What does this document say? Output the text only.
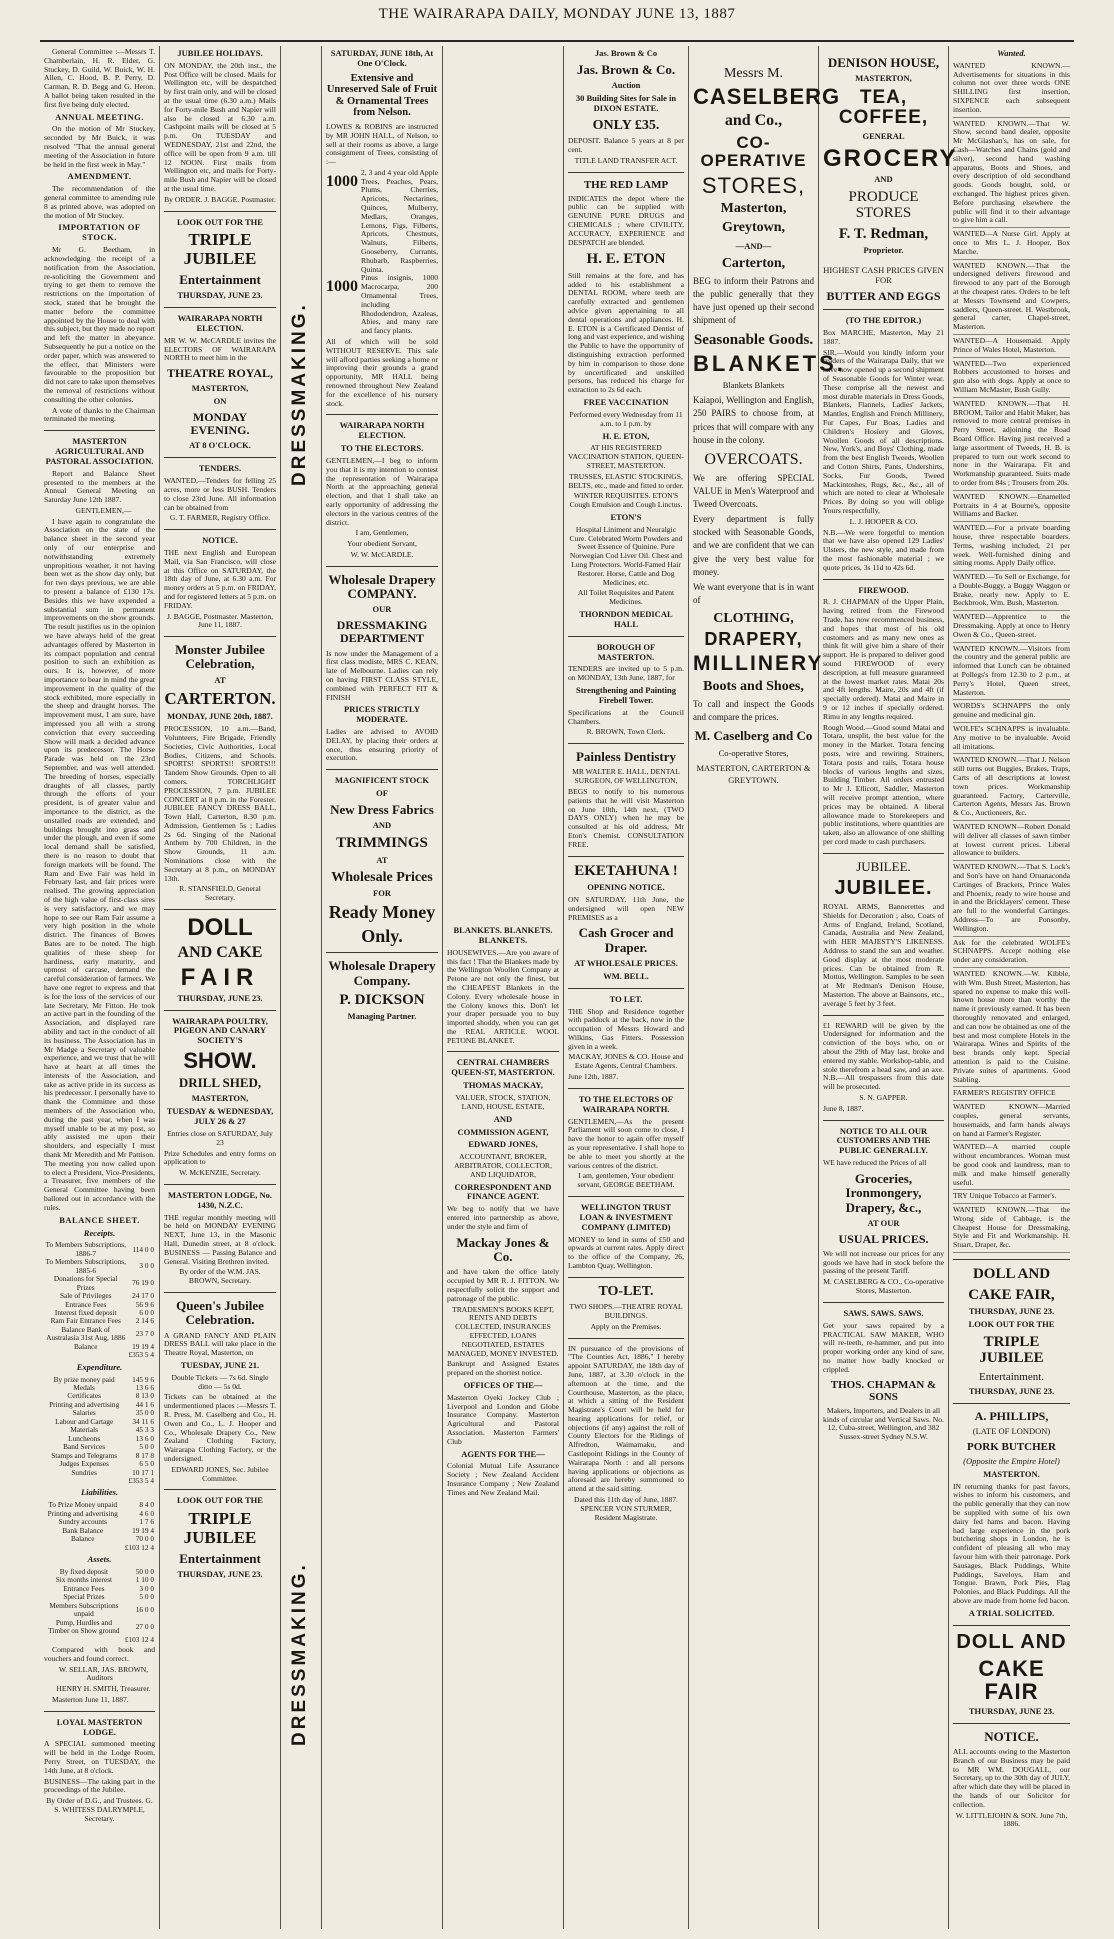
THE WAIRARAPA DAILY, MONDAY JUNE 13, 1887

General Committee :—Messrs T. Chamberlain, H. R. Elder, G. Stuckey, D. Guild, W. Buick, W. H. Allen, C. Hood, B. P. Perry, D. Carman, R. D. Begg and G. Heron. A ballot being taken resulted in the first five being duly elected.

ANNUAL MEETING.

On the motion of Mr Stuckey, seconded by Mr Buick, it was resolved "That the annual general meeting of the Association in future be held in the first week in May."

AMENDMENT.

The recommendation of the general committee to amending rule 8 as printed above, was adopted on the motion of Mr Stuckey.

IMPORTATION OF STOCK.

Mr G. Beetham, in acknowledging the receipt of a notification from the Association, re-soliciting the Government and trying to get them to remove the restrictions on the importation of stock, stated that he brought the matter before the committee appointed by the House to deal with this subject, but they made no report and left the matter in abeyance. Subsequently he put a notice on the order paper, which was answered to the effect, that Ministers were favourable to the proposition but did not care to take upon themselves the removal of restrictions without consulting the other colonies.

A vote of thanks to the Chairman terminated the meeting.

MASTERTON AGRICULTURAL AND PASTORAL ASSOCIATION.

Report and Balance Sheet presented to the members at the Annual General Meeting on Saturday June 12th 1887.

GENTLEMEN,—

I have again to congratulate the Association on the state of the balance sheet in the second year only of our enterprise and notwithstanding extremely unpropitious weather, it not having been wet as the show day only, but for two days previous, we are able to present a balance of £130 17s. Besides this we have expended a substantial sum in permanent improvements on the show grounds. The result justifies us in the opinion we have always held of the great advantages offered by Masterton in its compact population and central position to such an exhibition as ours. It is, however, of more importance to bear in mind the great improvement in the quality of the stock exhibited, more especially in the sheep and draught horses. The improvement must, I am sure, have impressed you all with a strong conviction that every succeeding Show will mark a decided advance upon its predecessor. The Horse Parade was held on the 23rd September, and was well attended. The breeding of horses, especially draughts of all classes, partly through the efforts of your president, is of greater value and importance to the district, as the unstalled roads are extended, and buildings brought into grass and under the plough, and even if some local demand shall be satisfied, there is no reason to doubt that foreign markets will be found. The Ram and Ewe Fair was held in February last, and fair prices were realised. The growing appreciation of the high value of first-class sires is very satisfactory, and we may hope to see our Ram Fair assume a very high position in the whole district. The finances of Bowes Bates are to be noted. The high qualities of these sheep for hardiness, early maturity, and upmost of carcase, demand the careful consideration of farmers. We have one regret to express and that is for the loss of the services of our late Secretary, Mr Fitton. He took an active part in the founding of the Association, and displayed rare ability and tact in the conduct of all its business. The Association has in Mr Madge a Secretary of valuable experience, and we trust that he will have at heart at all times the interests of the Association, and take as active pride in its success as his predecessor. I personally have to thank the Committee and those members of the Association who, during the past year, when I was myself unable to be at my post, so ably assisted me upon their shoulders, and especially I must thank Mr Meredith and Mr Pattison. The meeting you now called upon to elect a President, Vice-Presidents, a Treasurer, five members of the General Committee having been balloted out in accordance with the rules.

BALANCE SHEET.
Receipts.
To Members Subscriptions, 1886-7	114 0 0
To Members Subscriptions, 1885-6	3 0 0
Donations for Special Prizes	76 19 0
Sale of Privileges	24 17 0
Entrance Fees	56 9 6
Interest fixed deposit	6 0 0
Ram Fair Entrance Fees	2 14 6
Balance Bank of Australasia 31st Aug, 1886	23 7 0
Balance	19 19 4
	£353 5 4
Expenditure.
By prize money paid	145 9 6
Medals	13 6 6
Certificates	8 13 0
Printing and advertising	44 1 6
Salaries	35 0 0
Labour and Cartage	34 11 6
Materials	45 3 3
Luncheons	13 6 0
Band Services	5 0 0
Stamps and Telegrams	8 17 8
Judges Expenses	6 5 0
Sundries	10 17 1
	£353 5 4
Liabilities.
To Prize Money unpaid	8 4 0
Printing and advertising	4 6 0
Sundry accounts	1 7 6
Bank Balance	19 19 4
Balance	70 0 0
	£103 12 4
Assets.
By fixed deposit	50 0 0
Six months interest	1 10 0
Entrance Fees	3 0 0
Special Prizes	5 0 0
Members Subscriptions unpaid	16 0 0
Pump, Hurdles and Timber on Show ground	27 0 0
	£103 12 4

Compared with book and vouchers and found correct.

W. SELLAR, JAS. BROWN, Auditors

HENRY H. SMITH, Treasurer.

Masterton June 11, 1887.

LOYAL MASTERTON LODGE.

A SPECIAL summoned meeting will be held in the Lodge Room, Perry Street, on TUESDAY, the 14th June, at 8 o'clock.

BUSINESS—The taking part in the proceedings of the Jubilee.

By Order of D.G., and Trustees. G. S. WHITESS DALRYMPLE, Secretary.

JUBILEE HOLIDAYS.

ON MONDAY, the 20th inst., the Post Office will be closed. Mails for Wellington etc, will be despatched by first train only, and will be closed at the usual time (6.30 a.m.) Mails for Forty-mile Bush and Napier will also be closed at 6.30 a.m. Cashpoint mails will be closed at 5 p.m. On TUESDAY and WEDNESDAY, 21st and 22nd, the office will be open from 9 a.m. till 12 NOON. First mails from Wellington etc, and mails for Forty-mile Bush and Napier will be closed at the usual time.

By ORDER. J. BAGGE. Postmaster.

LOOK OUT FOR THE
TRIPLE JUBILEE
Entertainment
THURSDAY, JUNE 23.
WAIRARAPA NORTH ELECTION.

MR W. W. McCARDLE invites the ELECTORS OF WAIRARAPA NORTH to meet him in the

THEATRE ROYAL,
MASTERTON,
ON
MONDAY EVENING.
AT 8 O'CLOCK.
TENDERS.

WANTED,—Tenders for felling 25 acres, more or less BUSH. Tenders to close 23rd June. All information can be obtained from

G. T. FARMER, Registry Office.

NOTICE.

THE next English and European Mail, via San Francisco, will close at this Office on SATURDAY, the 18th day of June, at 6.30 a.m. For money orders at 5 p.m. on FRIDAY, and for registered letters at 5 p.m. on FRIDAY.

J. BAGGE, Postmaster. Masterton, June 11, 1887.

Monster Jubilee Celebration,
AT
CARTERTON.
MONDAY, JUNE 20th, 1887.

PROCESSION, 10 a.m.—Band, Volunteers, Fire Brigade, Friendly Societies, Civic Authorities, Local Bodies, Citizens, and Schools. SPORTS! SPORTS!! SPORTS!!! Tandem Show Grounds. Open to all comers. TORCHLIGHT PROCESSION, 7 p.m. JUBILEE CONCERT at 8 p.m. in the Forester. JUBILEE FANCY DRESS BALL, Town Hall, Carterton, 8.30 p.m. Admission, Gentlemen 5s ; Ladies 2s 6d. Singing of the National Anthem by 700 Children, in the Show Grounds, 11 a.m. Nominations close with the Secretary at 8 p.m., on MONDAY 13th.

R. STANSFIELD, General Secretary.

DOLL
AND CAKE
FAIR
THURSDAY, JUNE 23.
WAIRARAPA POULTRY, PIGEON AND CANARY SOCIETY'S
SHOW.
DRILL SHED,
MASTERTON,
TUESDAY & WEDNESDAY, JULY 26 & 27

Entries close on SATURDAY, July 23

Prize Schedules and entry forms on application to

W. McKENZIE, Secretary.

MASTERTON LODGE, No. 1430, N.Z.C.

THE regular monthly meeting will be held on MONDAY EVENING NEXT, June 13, in the Masonic Hall, Dunedin street, at 8 o'clock. BUSINESS — Passing Balance and General. Visiting Brethren invited.

By order of the W.M. JAS. BROWN, Secretary.

Queen's Jubilee Celebration.

A GRAND FANCY AND PLAIN DRESS BALL will take place in the Theatre Royal, Masterton, on

TUESDAY, JUNE 21.

Double Tickets — 7s 6d. Single ditto — 5s 0d.

Tickets can be obtained at the undermentioned places :—Messrs T. R. Press, M. Caselberg and Co., H. Owen and Co., L. J. Hooper and Co., Wholesale Drapery Co., New Zealand Clothing Factory, Wairarapa Clothing Factory, or the undersigned.

EDWARD JONES, Sec. Jubilee Committee.

LOOK OUT FOR THE
TRIPLE JUBILEE
Entertainment
THURSDAY, JUNE 23.
DRESSMAKING.
DRESSMAKING.
SATURDAY, JUNE 18th, At One O'Clock.
Extensive and Unreserved Sale of Fruit & Ornamental Trees from Nelson.

LOWES & ROBINS are instructed by MR JOHN HALL, of Nelson, to sell at their rooms as above, a large consignment of Trees, consisting of :—

1000

2, 3 and 4 year old Apple Trees, Peaches, Pears, Plums, Cherries, Apricots, Nectarines, Quinces, Mulberry, Medlars, Oranges, Lemons, Figs, Filberts, Apricots, Chestnuts, Walnuts, Filberts, Gooseberry, Currants, Rhubarb, Raspberries, Quinta.

1000

Pinus insignis, 1000 Macrocarpa, 200 Ornamental Trees, including Rhododendron, Azaleas, Abies, and many rare and fancy plants.

All of which will be sold WITHOUT RESERVE. This sale will afford parties seeking a home or improving their grounds a grand opportunity, MR HALL being renowned throughout New Zealand for the excellence of his nursery stock.

WAIRARAPA NORTH ELECTION.
TO THE ELECTORS.

GENTLEMEN,—I beg to inform you that it is my intention to contest the representation of Wairarapa North at the approaching general election, and that I shall take an early opportunity of addressing the electors in the various centres of the district.

I am, Gentlemen,

Your obedient Servant,

W. W. McCARDLE.

Wholesale Drapery COMPANY.
OUR
DRESSMAKING DEPARTMENT

Is now under the Management of a first class modiste, MRS C. KEAN, late of Melbourne. Ladies can rely on having FIRST CLASS STYLE, combined with PERFECT FIT & FINISH

PRICES STRICTLY MODERATE.

Ladies are advised to AVOID DELAY, by placing their orders at once, thus ensuring priority of execution.

MAGNIFICENT STOCK
OF
New Dress Fabrics
AND
TRIMMINGS
AT
Wholesale Prices
FOR
Ready Money
Only.
Wholesale Drapery Company.
P. DICKSON
Managing Partner.
BLANKETS. BLANKETS. BLANKETS.

HOUSEWIVES.—Are you aware of this fact ! That the Blankets made by the Wellington Woollen Company at Petone are not only the finest, but the CHEAPEST Blankets in the Colony. Every wholesale house in the Colony knows this. Don't let your draper persuade you to buy imported shoddy, when you can get the REAL ARTICLE. WOOL PETONE BLANKET.

CENTRAL CHAMBERS QUEEN-ST, MASTERTON.
THOMAS MACKAY,

VALUER, STOCK, STATION, LAND, HOUSE, ESTATE,

AND
COMMISSION AGENT,
EDWARD JONES,

ACCOUNTANT, BROKER, ARBITRATOR, COLLECTOR, AND LIQUIDATOR,

CORRESPONDENT AND FINANCE AGENT.

We beg to notify that we have entered into partnership as above, under the style and firm of

Mackay Jones & Co.

and have taken the office lately occupied by MR R. J. FITTON. We respectfully solicit the support and patronage of the public.

TRADESMEN'S BOOKS KEPT, RENTS AND DEBTS COLLECTED, INSURANCES EFFECTED, LOANS NEGOTIATED, ESTATES MANAGED, MONEY INVESTED.

Bankrupt and Assigned Estates prepared on the shortest notice.

OFFICES OF THE—

Masterton Oyeki Jockey Club ; Liverpool and London and Globe Insurance Company. Masterton Agricultural and Pastoral Association. Masterton Farmers' Club

AGENTS FOR THE—

Colonial Mutual Life Assurance Society ; New Zealand Accident Insurance Company ; New Zealand Times and New Zealand Mail.

Jas. Brown & Co
Jas. Brown & Co.
Auction
30 Building Sites for Sale in DIXON ESTATE.
ONLY £35.

DEPOSIT. Balance 5 years at 8 per cent.

TITLE LAND TRANSFER ACT.

THE RED LAMP

INDICATES the depot where the public can be supplied with GENUINE PURE DRUGS and CHEMICALS ; where CIVILITY, ACCURACY, EXPERIENCE and DESPATCH are blended.

H. E. ETON

Still remains at the fore, and has added to his establishment a DENTAL ROOM, where teeth are carefully extracted and gentlemen advice given appertaining to all dental operations and appliances. H. E. ETON is a Certificated Dentist of long and vast experience, and wishing the Public to have the opportunity of distinguishing extraction performed by him in comparison to those done by uncertificated and unskilled persons, has reduced his charge for extraction to 2s 6d each.

FREE VACCINATION

Performed every Wednesday from 11 a.m. to 1 p.m. by

H. E. ETON,

AT HIS REGISTERED VACCINATION STATION, QUEEN-STREET, MASTERTON.

TRUSSES, ELASTIC STOCKINGS, BELTS, etc., made and fitted to order.

WINTER REQUISITES. ETON'S Cough Emulsion and Cough Linctus.

ETON'S

Hospital Liniment and Neuralgic Cure. Celebrated Worm Powders and Sweet Essence of Quinine. Pure Norwegian Cod Liver Oil. Chest and Lung Protectors. World-Famed Hair Restorer. Horse, Cattle and Dog Medicines, etc.

All Toilet Requisites and Patent Medicines.

THORNDON MEDICAL HALL
BOROUGH OF MASTERTON.

TENDERS are invited up to 5 p.m. on MONDAY, 13th June, 1887, for

Strengthening and Painting Firebell Tower.

Specifications at the Council Chambers.

R. BROWN, Town Clerk.

Painless Dentistry

MR WALTER E. HALL, DENTAL SURGEON, OF WELLINGTON,

BEGS to notify to his numerous patients that he will visit Masterton on June 10th, 14th next, (TWO DAYS ONLY) when he may be consulted at his old address, Mr Eton's Chemist. CONSULTATION FREE.

EKETAHUNA !
OPENING NOTICE.

ON SATURDAY, 11th June, the undersigned will open NEW PREMISES as a

Cash Grocer and Draper.
AT WHOLESALE PRICES.
WM. BELL.
TO LET.

THE Shop and Residence together with paddock at the back, now in the occupation of Messrs Howard and Wilkins, Gas Fitters. Possession given in a week.

MACKAY, JONES & CO. House and Estate Agents, Central Chambers.

June 12th, 1887.

TO THE ELECTORS OF WAIRARAPA NORTH.

GENTLEMEN,—As the present Parliament will soon come to close, I have the honor to again offer myself as your representative. I shall hope to be able to meet you shortly at the various centres of the district.

I am, gentlemen, Your obedient servant, GEORGE BEETHAM.

WELLINGTON TRUST LOAN & INVESTMENT COMPANY (LIMITED)

MONEY to lend in sums of £50 and upwards at current rates. Apply direct to the office of the Company, 26, Lambton Quay, Wellington.

TO-LET.

TWO SHOPS.—THEATRE ROYAL BUILDINGS.

Apply on the Premises.

IN pursuance of the provisions of "The Counties Act, 1886," I hereby appoint SATURDAY, the 18th day of June, 1887, at 3.30 o'clock in the afternoon at the time, and the Courthouse, Masterton, as the place, at which a sitting of the Resident Magistrate's Court will be held for hearing applications for relief, or objections (if any) against the roll of County Electors for the Ridings of Alfredton, Waimamaku, and Castlepoint Ridings in the County of Wairarapa North : and all persons having applications or objections as aforesaid are hereby summoned to attend at the said sitting.

Dated this 11th day of June, 1887. SPENCER VON STURMER, Resident Magistrate.

Messrs M.
CASELBERG
and Co.,
CO-OPERATIVE
STORES,
Masterton,
Greytown,
—AND—
Carterton,

BEG to inform their Patrons and the public generally that they have just opened up their second shipment of

Seasonable Goods.
BLANKETS.
Blankets Blankets

Kaiapoi, Wellington and English, 250 PAIRS to choose from, at prices that will compare with any house in the colony.

OVERCOATS.

We are offering SPECIAL VALUE in Men's Waterproof and Tweed Overcoats.

Every department is fully stocked with Seasonable Goods, and we are confident that we can give the very best value for money.

We want everyone that is in want of

CLOTHING,
DRAPERY,
MILLINERY
Boots and Shoes,

To call and inspect the Goods and compare the prices.

M. Caselberg and Co
Co-operative Stores,
MASTERTON, CARTERTON & GREYTOWN.
DENISON HOUSE,
MASTERTON,
TEA, COFFEE,
GENERAL
GROCERY
AND
PRODUCE STORES
F. T. Redman,
Proprietor.
HIGHEST CASH PRICES GIVEN FOR
BUTTER AND EGGS
(TO THE EDITOR.)

Box MARCHE, Masterton, May 21 1887.

SIR,—Would you kindly inform your readers of the Wairarapa Daily, that we have now opened up a second shipment of Seasonable Goods for Winter wear. These comprise all the newest and most durable materials in Dress Goods, Blankets, Flannels, Ladies' Jackets, Mantles, English and French Millinery, Fur Capes, Fur Boas, Ladies and Children's Hosiery and Gloves, Woollen Goods of all descriptions. New, York's, and Boys' Clothing, made from the best English Tweeds, Woollen and Cotton Shirts, Pants, Undershirts, Socks, Fur Goods, Tweed Mackintoshes, Rugs, &c., &c., all of which are noted to clear at Wholesale Prices. By doing so you will oblige Yours respectfully,

L. J. HOOPER & CO.

N.B.—We were forgetful to mention that we have also opened 129 Ladies' Ulsters, the new style, and made from the most fashionable material ; we quote prices, 3s 11d to 42s 6d.

FIREWOOD.

R. J. CHAPMAN of the Upper Plain, having retired from the Firewood Trade, has now recommenced business, and hopes that most of his old customers and as many new ones as think fit will give him a share of their support. He is prepared to deliver good sound FIREWOOD of every description, at full measure guaranteed at the lowest market rates. Matai 20s and 4ft lengths. Maire, 20s and 4ft (if specially ordered). Matai and Maire in 9 or 12 inches if specially ordered. Rimu in any lengths required.

Rough Wood.—Good sound Matai and Totara, unsplit, the best value for the money in the Market. Totara fencing posts, wire and rewiring. Strainers, Totara posts and rails, Totara house blocks of various lengths and sizes, Building Timber. All orders entrusted to Mr J. Ellicott, Saddler, Masterton will receive prompt attention, where prices may be obtained. A liberal allowance made to Storekeepers and public institutions, where quantities are taken, also an allowance of one shilling per cord made to cash purchasers.

JUBILEE.
JUBILEE.

ROYAL ARMS, Bannerettes and Shields for Decoration ; also, Coats of Arms of England, Ireland, Scotland, Canada, Australia and New Zealand, with HER MAJESTY'S LIKENESS. Address to stand the sun and weather. Good display at the most moderate prices. Can be obtained from R. Mottus, Wellington. Samples to be seen at Mr Redman's Denison House, Masterton. The above at Bainsons, etc., average 5 feet by 3 feet.

£1 REWARD will be given by the Undersigned for information and the conviction of the boys who, on or about the 29th of May last, broke and entered my stable. Workshop-table, and stole therefrom a head saw, and an axe. N.B.—All trespassers from this date will be prosecuted.

S. N. GAPPER.

June 8, 1887.

NOTICE TO ALL OUR CUSTOMERS AND THE PUBLIC GENERALLY.

WE have reduced the Prices of all

Groceries, Ironmongery, Drapery, &c.,
AT OUR
USUAL PRICES.

We will not increase our prices for any goods we have had in stock before the passing of the present Tariff.

M. CASELBERG & CO., Co-operative Stores, Masterton.

SAWS. SAWS. SAWS.

Get your saws repaired by a PRACTICAL SAW MAKER, WHO will re-teeth, re-hammer, and put into proper working order any kind of saw, no matter how badly knocked or crippled.

THOS. CHAPMAN & SONS

Makers, Importers, and Dealers in all kinds of circular and Vertical Saws. No. 12, Cuba-street, Wellington, and 382 Sussex-street Sydney N.S.W.

Wanted.

WANTED KNOWN.—Advertisements for situations in this column not over three words ONE SHILLING first insertion, SIXPENCE each subsequent insertion.

WANTED KNOWN.—That W. Show, second hand dealer, opposite Mr McGlashan's, has on sale, for Cash—Watches and Chains (gold and silver), second hand washing apparatus, Boots and Shoes, and every description of old secondhand goods. Goods bought, sold, or exchanged. The highest prices given. Before purchasing elsewhere the public will find it to their advantage to give him a call.

WANTED—A Nurse Girl. Apply at once to Mrs L. J. Hooper, Box Marche.

WANTED KNOWN.—That the undersigned delivers firewood and firewood to any part of the Borough at the cheapest rates. Orders to be left at Messrs Townsend and Cowpers, saddlers, Queen-street. H. Westbrook, general carter, Chapel-street, Masterton.

WANTED—A Housemaid. Apply Prince of Wales Hotel, Masterton.

WANTED—Two experienced Robbers accustomed to horses and gun also with dogs. Apply at once to William McMaster, Bush Gully.

WANTED KNOWN.—That H. BROOM, Tailor and Habit Maker, has removed to more central premises in Perry Street, adjoining the Road Board Office. Having just received a large assortment of Tweeds, H. B. is prepared to turn out work second to none in the Wairarapa. Fit and Workmanship guaranteed. Suits made to order from 84s ; Trousers from 20s.

WANTED KNOWN.—Enamelled Portraits in 4 at Bourne's, opposite Williams and Backer.

WANTED.—For a private boarding house, three respectable boarders. Terms, washing included, 21 per week. Well-furnished dining and sitting rooms. Apply Daily office.

WANTED.—To Sell or Exchange, for a Double-Buggy, a Buggy Waggon or Brake, nearly new. Apply to E. Beckbrook, Wm. Bush, Masterton.

WANTED—Apprentice to the Dressmaking. Apply at once to Henry Owen & Co., Queen-street.

WANTED KNOWN.—Visitors from the country and the general public are informed that Lunch can be obtained at Pollegs's from 12.30 to 2 p.m., at Perry's Hotel, Queen street, Masterton.

WORDS's SCHNAPPS the only genuine and medicinal gin.

WOLFE's SCHNAPPS is invaluable. Any motive to be invaluable. Avoid all imitations.

WANTED KNOWN.—That J. Nelson still turns out Buggies, Brakes, Traps, Carts of all descriptions at lowest town prices. Workmanship guaranteed. Factory, Carterville, Carterton Agents, Messrs Jas. Brown & Co., Auctioneers, &c.

WANTED KNOWN—Robert Donald will deliver all classes of sawn timber at lowest current prices. Liberal allowance to builders.

WANTED KNOWN.—That S. Lock's and Son's have on hand Oruanaconda Cartinges of Brackets, Prince Wales and Phoenix, ready to wire house and in and the Bricklayers' cement. These are full to the wonderful Cartinges. Address—To are Ponsonby, Wellington.

Ask for the celebrated WOLFE's SCHNAPPS. Accept nothing else under any consideration.

WANTED KNOWN.—W. Kibble, with Wm. Bush Street, Masterton, has spared no expense to make this well-known house more than worthy the name it previously earned. It has been thoroughly renovated and enlarged, and can now be obtained as one of the best and most complete Hotels in the Wairarapa. Wines and Spirits of the best brands only kept. Special attention is paid to the Cuisine. Private suites of apartments. Good Stabling.

FARMER'S REGISTRY OFFICE

WANTED KNOWN—Married couples, general servants, housemaids, and farm hands always on hand at Farmer's Register.

WANTED—A married couple without encumbrances. Woman must be good cook and laundress, man to milk and make himself generally useful.

TRY Unique Tobacco at Farmer's.

WANTED KNOWN.—That the Wrong side of Cabbage, is the Cheapest House for Dressmaking, Style and Fit and Workmanship. H. Stuart, Draper, &c.

DOLL AND
CAKE FAIR,
THURSDAY, JUNE 23.
LOOK OUT FOR THE
TRIPLE JUBILEE
Entertainment.
THURSDAY, JUNE 23.
A. PHILLIPS,
(LATE OF LONDON)
PORK BUTCHER
(Opposite the Empire Hotel)
MASTERTON.

IN returning thanks for past favors, wishes to inform his customers, and the public generally that they can now be supplied with some of his own dairy fed hams and bacon. Having had large experience in the pork butchering shops in London, he is confident of pleasing all who may favour him with their patronage. Pork Sausages, Black Puddings, White Puddings, Saveloys, Ham and Tongue. Brawn, Pork Pies, Flag Polonies, and Black Puddings. All the above are made from home fed bacon.

A TRIAL SOLICITED.
DOLL AND
CAKE FAIR
THURSDAY, JUNE 23.
NOTICE.

ALL accounts owing to the Masterton Branch of our Business may be paid to MR WM. DOUGALL, our Secretary, up to the 30th day of JULY, after which date they will be placed in the hands of our Solicitor for collection.

W. LITTLEJOHN & SON. June 7th, 1886.
